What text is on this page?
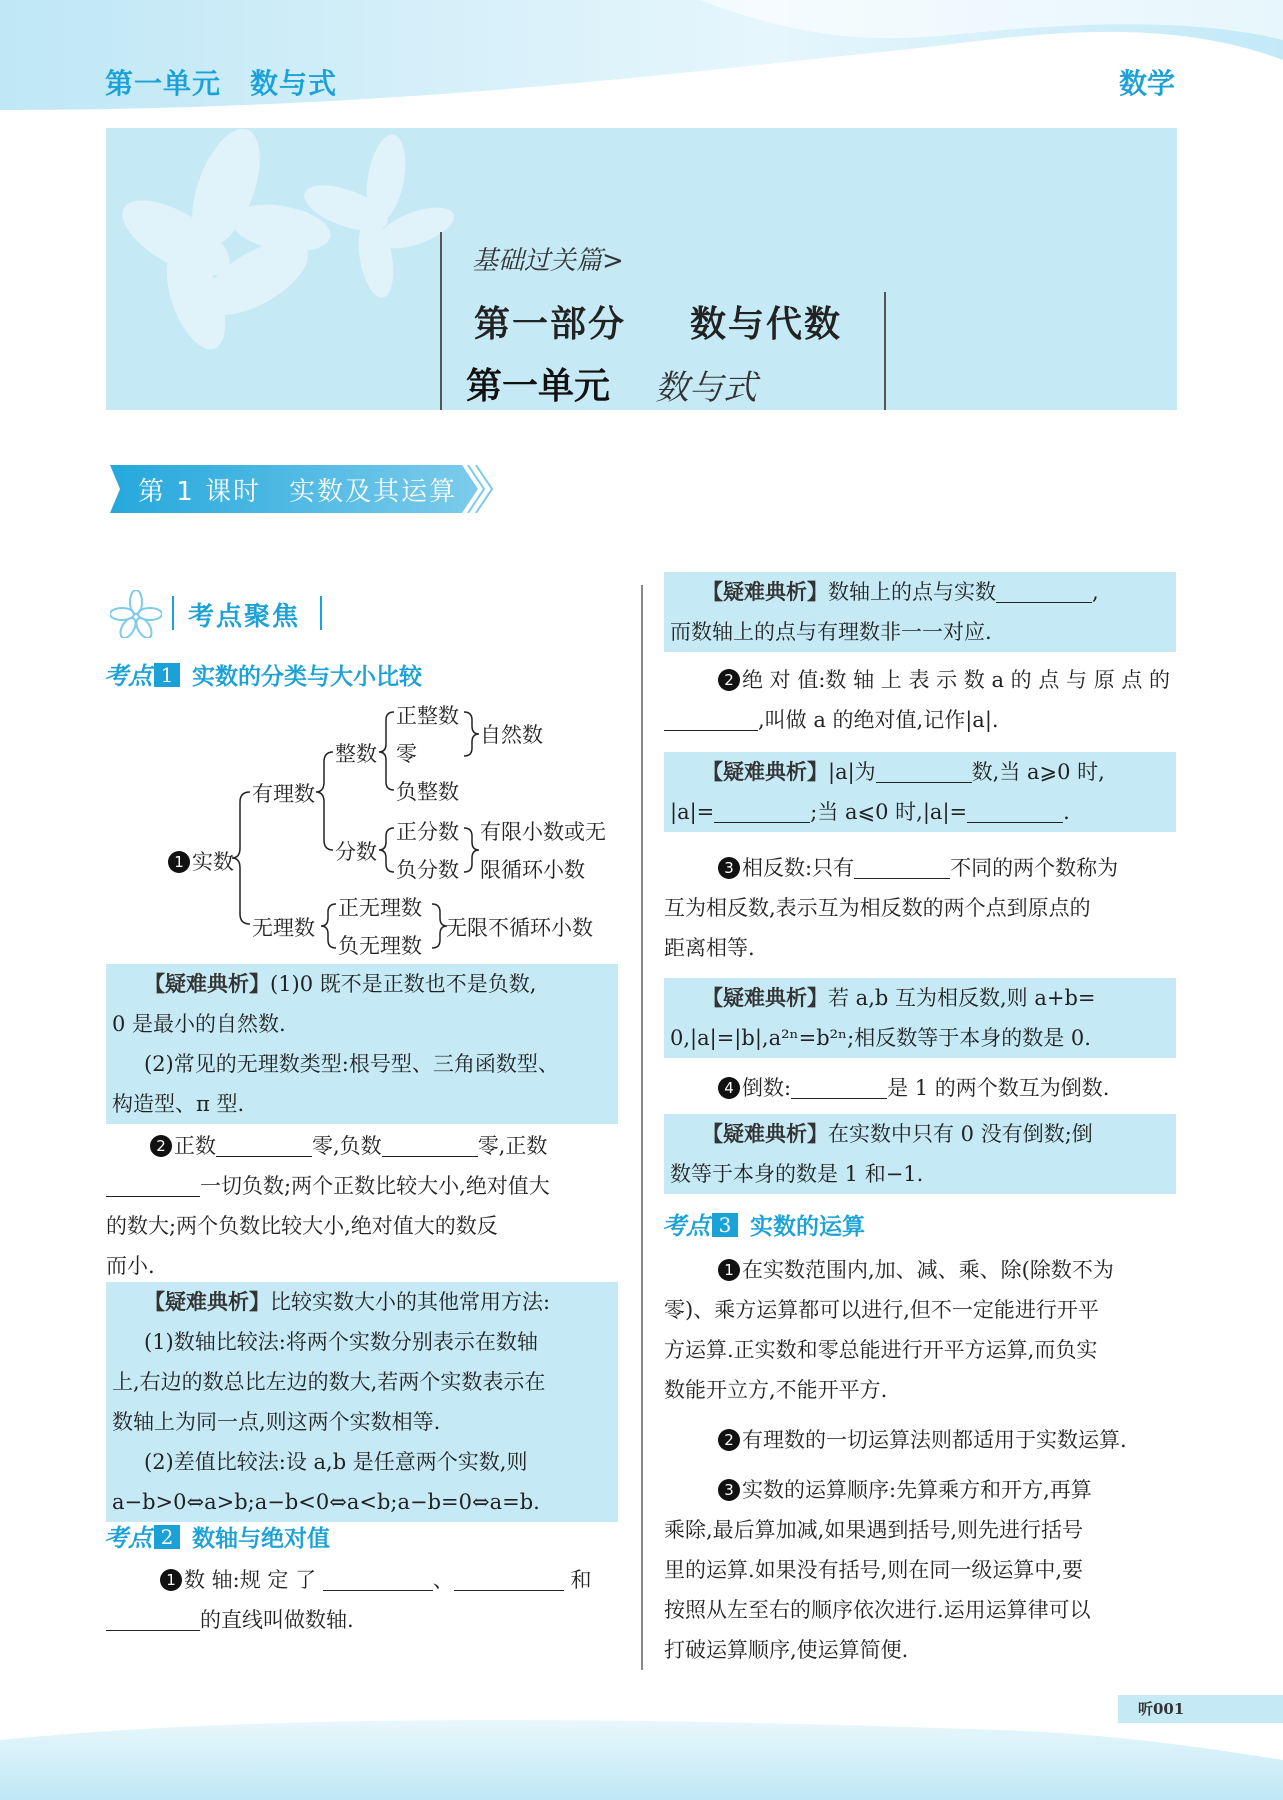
第一单元　数与式	数学
基础过关篇>
第一部分 数与代数
第一单元 数与式
第 1 课时　实数及其运算
考点聚焦
考点 1 实数的分类与大小比较
1 实数
有理数
整数
正整数
零
负整数
自然数
分数
正分数
负分数
有限小数或无
限循环小数
无理数
正无理数
负无理数
无限不循环小数
【疑难典析】(1)0 既不是正数也不是负数,
0 是最小的自然数.
(2)常见的无理数类型:根号型、三角函数型、
构造型、π 型.
2 正数	零,负数	零,正数
一切负数;两个正数比较大小,绝对值大
的数大;两个负数比较大小,绝对值大的数反
而小.
【疑难典析】比较实数大小的其他常用方法:
(1)数轴比较法:将两个实数分别表示在数轴
上,右边的数总比左边的数大,若两个实数表示在
数轴上为同一点,则这两个实数相等.
(2)差值比较法:设 a,b 是任意两个实数,则
a−b>0⇔a>b;a−b<0⇔a<b;a−b=0⇔a=b.
考点 2 数轴与绝对值
1 数 轴:规 定 了	、	和
的直线叫做数轴.
【疑难典析】数轴上的点与实数	,
而数轴上的点与有理数非一一对应.
2 绝 对 值:数 轴 上 表 示 数 a 的 点 与 原 点 的
,叫做 a 的绝对值,记作|a|.
【疑难典析】|a|为	数,当 a⩾0 时,
|a|=	;当 a⩽0 时,|a|=	.
3 相反数:只有	不同的两个数称为
互为相反数,表示互为相反数的两个点到原点的
距离相等.
【疑难典析】若 a,b 互为相反数,则 a+b=
0,|a|=|b|,a²ⁿ=b²ⁿ;相反数等于本身的数是 0.
4 倒数:	是 1 的两个数互为倒数.
【疑难典析】在实数中只有 0 没有倒数;倒
数等于本身的数是 1 和−1.
考点 3 实数的运算
1 在实数范围内,加、减、乘、除(除数不为
零)、乘方运算都可以进行,但不一定能进行开平
方运算.正实数和零总能进行开平方运算,而负实
数能开立方,不能开平方.
2 有理数的一切运算法则都适用于实数运算.
3 实数的运算顺序:先算乘方和开方,再算
乘除,最后算加减,如果遇到括号,则先进行括号
里的运算.如果没有括号,则在同一级运算中,要
按照从左至右的顺序依次进行.运用运算律可以
打破运算顺序,使运算简便.
听001
